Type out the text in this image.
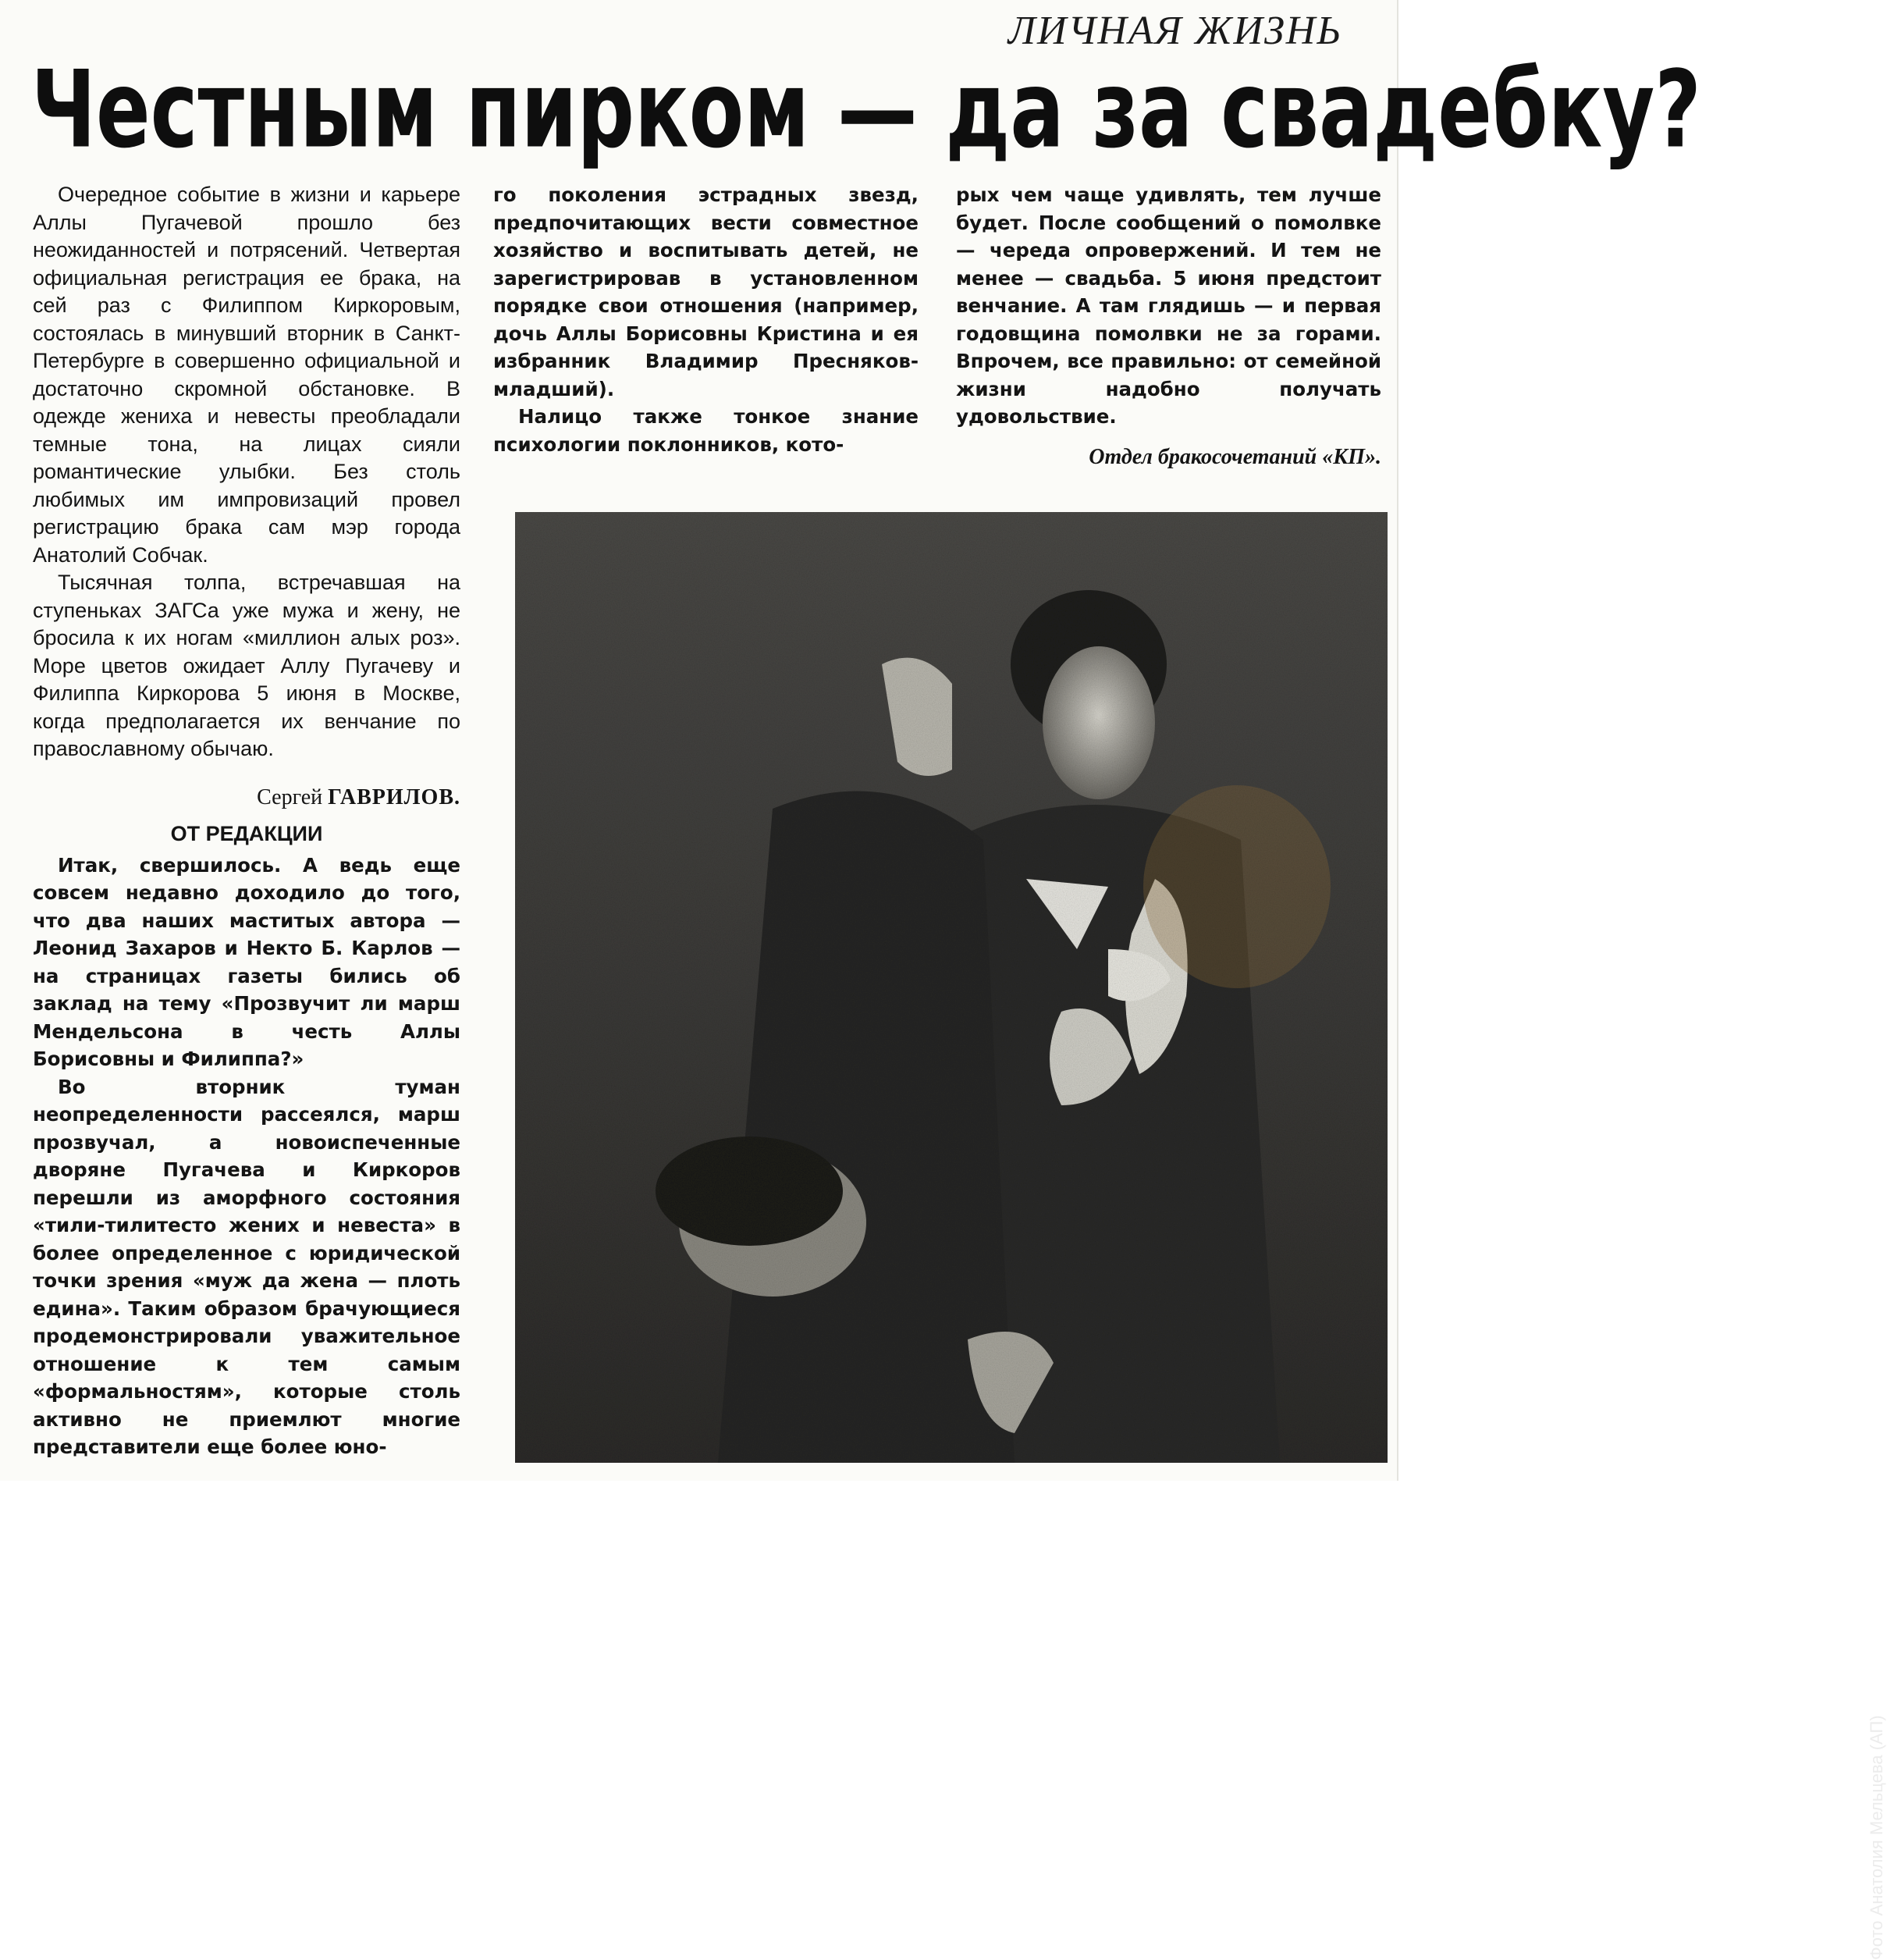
ЛИЧНАЯ ЖИЗНЬ
Честным пирком — да за свадебку?

Очередное событие в жизни и карьере Аллы Пугачевой прошло без неожиданностей и потрясений. Четвертая официальная регистрация ее брака, на сей раз с Филиппом Киркоровым, состоялась в минувший вторник в Санкт-Петербурге в совершенно официальной и достаточно скромной обстановке. В одежде жениха и невесты преобладали темные тона, на лицах сияли романтические улыбки. Без столь любимых им импровизаций провел регистрацию брака сам мэр города Анатолий Собчак.

Тысячная толпа, встречавшая на ступеньках ЗАГСа уже мужа и жену, не бросила к их ногам «миллион алых роз». Море цветов ожидает Аллу Пугачеву и Филиппа Киркорова 5 июня в Москве, когда предполагается их венчание по православному обычаю.

Сергей ГАВРИЛОВ.
ОТ РЕДАКЦИИ

Итак, свершилось. А ведь еще совсем недавно доходило до того, что два наших маститых автора — Леонид Захаров и Некто Б. Карлов — на страницах газеты бились об заклад на тему «Прозвучит ли марш Мендельсона в честь Аллы Борисовны и Филиппа?»

Во вторник туман неопределенности рассеялся, марш прозвучал, а новоиспеченные дворяне Пугачева и Киркоров перешли из аморфного состояния «тили-тилитесто жених и невеста» в более определенное с юридической точки зрения «муж да жена — плоть едина». Таким образом брачующиеся продемонстрировали уважительное отношение к тем самым «формальностям», которые столь активно не приемлют многие представители еще более юно-

го поколения эстрадных звезд, предпочитающих вести совместное хозяйство и воспитывать детей, не зарегистрировав в установленном порядке свои отношения (например, дочь Аллы Борисовны Кристина и ея избранник Владимир Пресняков-младший).

Налицо также тонкое знание психологии поклонников, кото-

рых чем чаще удивлять, тем лучше будет. После сообщений о помолвке — череда опровержений. И тем не менее — свадьба. 5 июня предстоит венчание. А там глядишь — и первая годовщина помолвки не за горами. Впрочем, все правильно: от семейной жизни надобно получать удовольствие.

Отдел бракосочетаний «КП».
Фото Анатолия Мельцева (АП)
